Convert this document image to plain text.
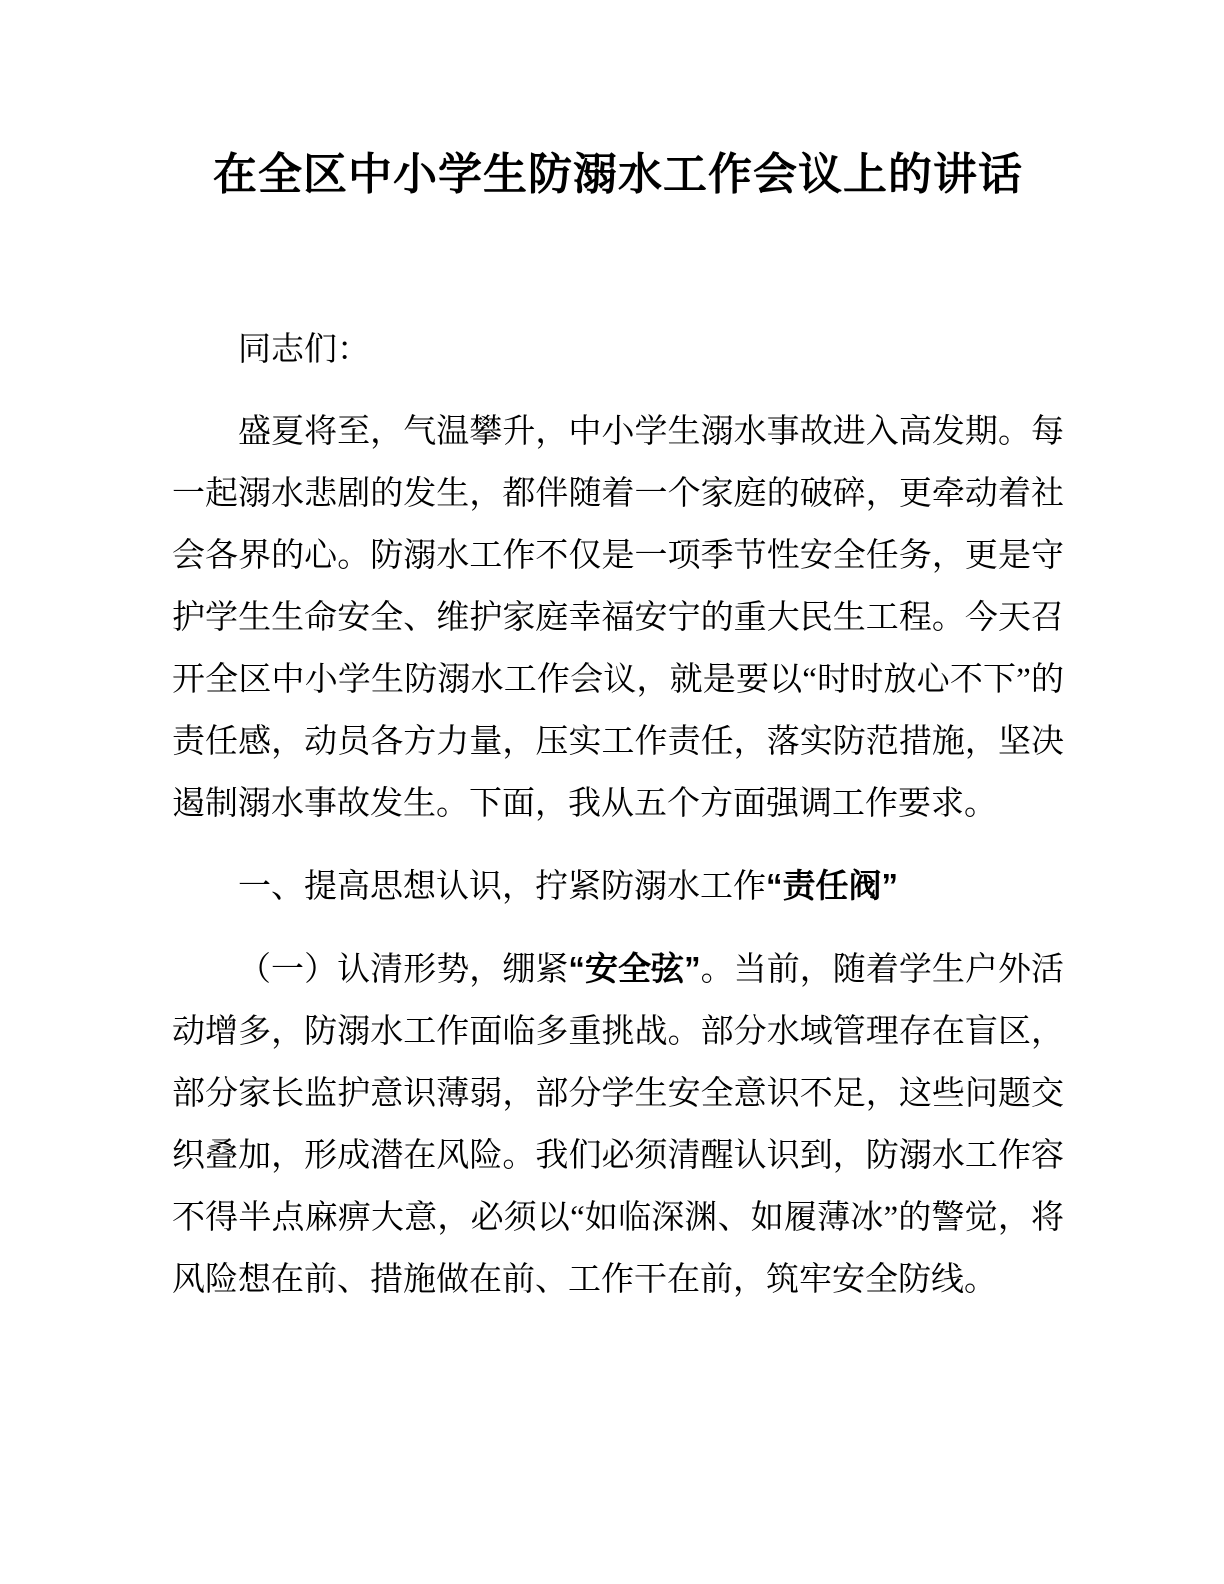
在全区中小学生防溺水工作会议上的讲话

同志们：

盛夏将至，气温攀升，中小学生溺水事故进入高发期。每一起溺水悲剧的发生，都伴随着一个家庭的破碎，更牵动着社会各界的心。防溺水工作不仅是一项季节性安全任务，更是守护学生生命安全、维护家庭幸福安宁的重大民生工程。今天召开全区中小学生防溺水工作会议，就是要以“时时放心不下”的责任感，动员各方力量，压实工作责任，落实防范措施，坚决遏制溺水事故发生。下面，我从五个方面强调工作要求。

一、提高思想认识，拧紧防溺水工作“责任阀”

（一）认清形势，绷紧“安全弦”。当前，随着学生户外活动增多，防溺水工作面临多重挑战。部分水域管理存在盲区，部分家长监护意识薄弱，部分学生安全意识不足，这些问题交织叠加，形成潜在风险。我们必须清醒认识到，防溺水工作容不得半点麻痹大意，必须以“如临深渊、如履薄冰”的警觉，将风险想在前、措施做在前、工作干在前，筑牢安全防线。
